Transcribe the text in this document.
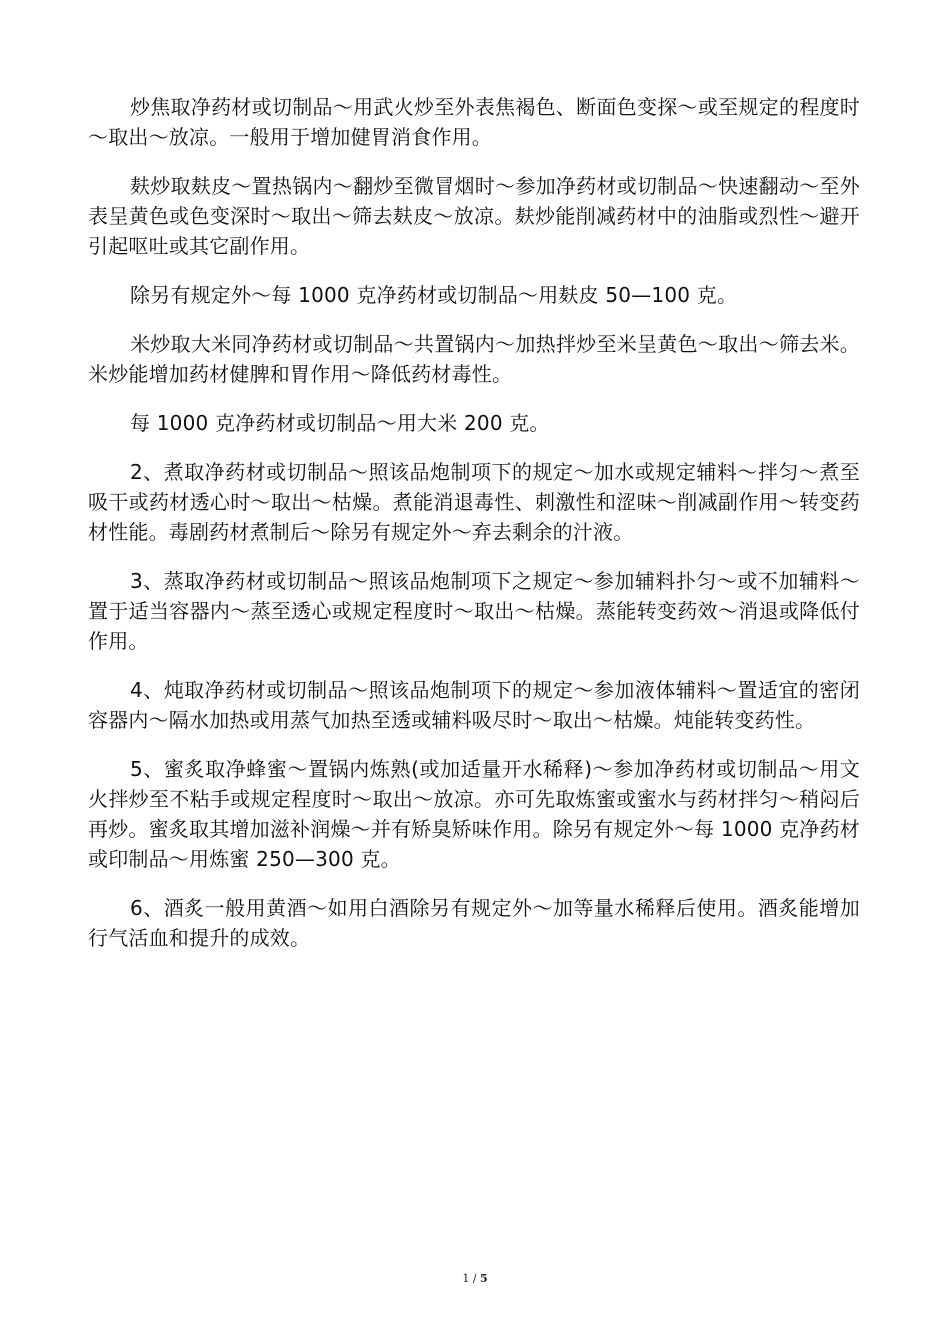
炒焦取净药材或切制品～用武火炒至外表焦褐色、断面色变探～或至规定的程度时～取出～放凉。一般用于增加健胃消食作用。

麸炒取麸皮～置热锅内～翻炒至微冒烟时～参加净药材或切制品～快速翻动～至外表呈黄色或色变深时～取出～筛去麸皮～放凉。麸炒能削减药材中的油脂或烈性～避开引起呕吐或其它副作用。

除另有规定外～每 1000 克净药材或切制品～用麸皮 50—100 克。

米炒取大米同净药材或切制品～共置锅内～加热拌炒至米呈黄色～取出～筛去米。米炒能增加药材健脾和胃作用～降低药材毒性。

每 1000 克净药材或切制品～用大米 200 克。

2、煮取净药材或切制品～照该品炮制项下的规定～加水或规定辅料～拌匀～煮至吸干或药材透心时～取出～枯燥。煮能消退毒性、刺激性和涩味～削减副作用～转变药材性能。毒剧药材煮制后～除另有规定外～弃去剩余的汁液。

3、蒸取净药材或切制品～照该品炮制项下之规定～参加辅料扑匀～或不加辅料～置于适当容器内～蒸至透心或规定程度时～取出～枯燥。蒸能转变药效～消退或降低付作用。

4、炖取净药材或切制品～照该品炮制项下的规定～参加液体辅料～置适宜的密闭容器内～隔水加热或用蒸气加热至透或辅料吸尽时～取出～枯燥。炖能转变药性。

5、蜜炙取净蜂蜜～置锅内炼熟(或加适量开水稀释)～参加净药材或切制品～用文火拌炒至不粘手或规定程度时～取出～放凉。亦可先取炼蜜或蜜水与药材拌匀～稍闷后再炒。蜜炙取其增加滋补润燥～并有矫臭矫味作用。除另有规定外～每 1000 克净药材或印制品～用炼蜜 250—300 克。

6、酒炙一般用黄酒～如用白酒除另有规定外～加等量水稀释后使用。酒炙能增加行气活血和提升的成效。

1 / 5
